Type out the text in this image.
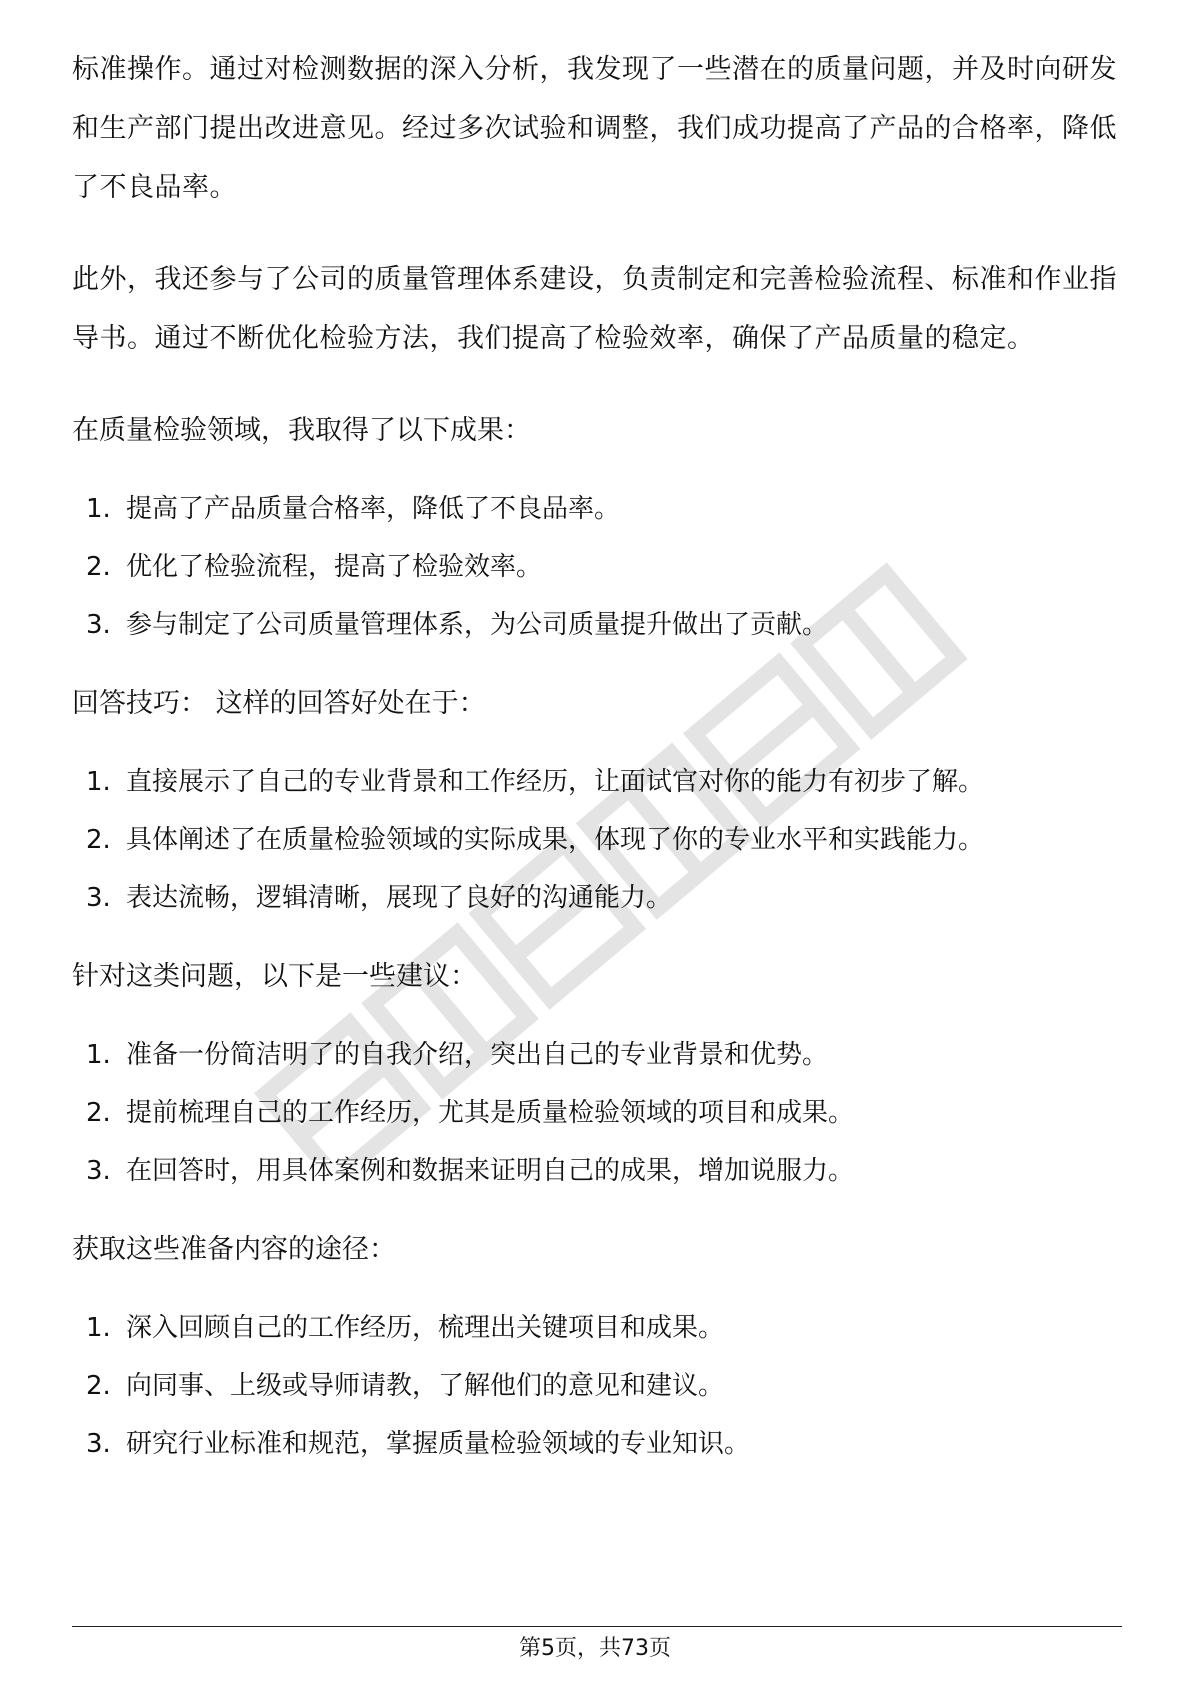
标准操作。通过对检测数据的深入分析，我发现了一些潜在的质量问题，并及时向研发和生产部门提出改进意见。经过多次试验和调整，我们成功提高了产品的合格率，降低了不良品率。

此外，我还参与了公司的质量管理体系建设，负责制定和完善检验流程、标准和作业指导书。通过不断优化检验方法，我们提高了检验效率，确保了产品质量的稳定。

在质量检验领域，我取得了以下成果：

1. 提高了产品质量合格率，降低了不良品率。
2. 优化了检验流程，提高了检验效率。
3. 参与制定了公司质量管理体系，为公司质量提升做出了贡献。

回答技巧： 这样的回答好处在于：

1. 直接展示了自己的专业背景和工作经历，让面试官对你的能力有初步了解。
2. 具体阐述了在质量检验领域的实际成果，体现了你的专业水平和实践能力。
3. 表达流畅，逻辑清晰，展现了良好的沟通能力。

针对这类问题，以下是一些建议：

1. 准备一份简洁明了的自我介绍，突出自己的专业背景和优势。
2. 提前梳理自己的工作经历，尤其是质量检验领域的项目和成果。
3. 在回答时，用具体案例和数据来证明自己的成果，增加说服力。

获取这些准备内容的途径：

1. 深入回顾自己的工作经历，梳理出关键项目和成果。
2. 向同事、上级或导师请教，了解他们的意见和建议。
3. 研究行业标准和规范，掌握质量检验领域的专业知识。
第5页，共73页
